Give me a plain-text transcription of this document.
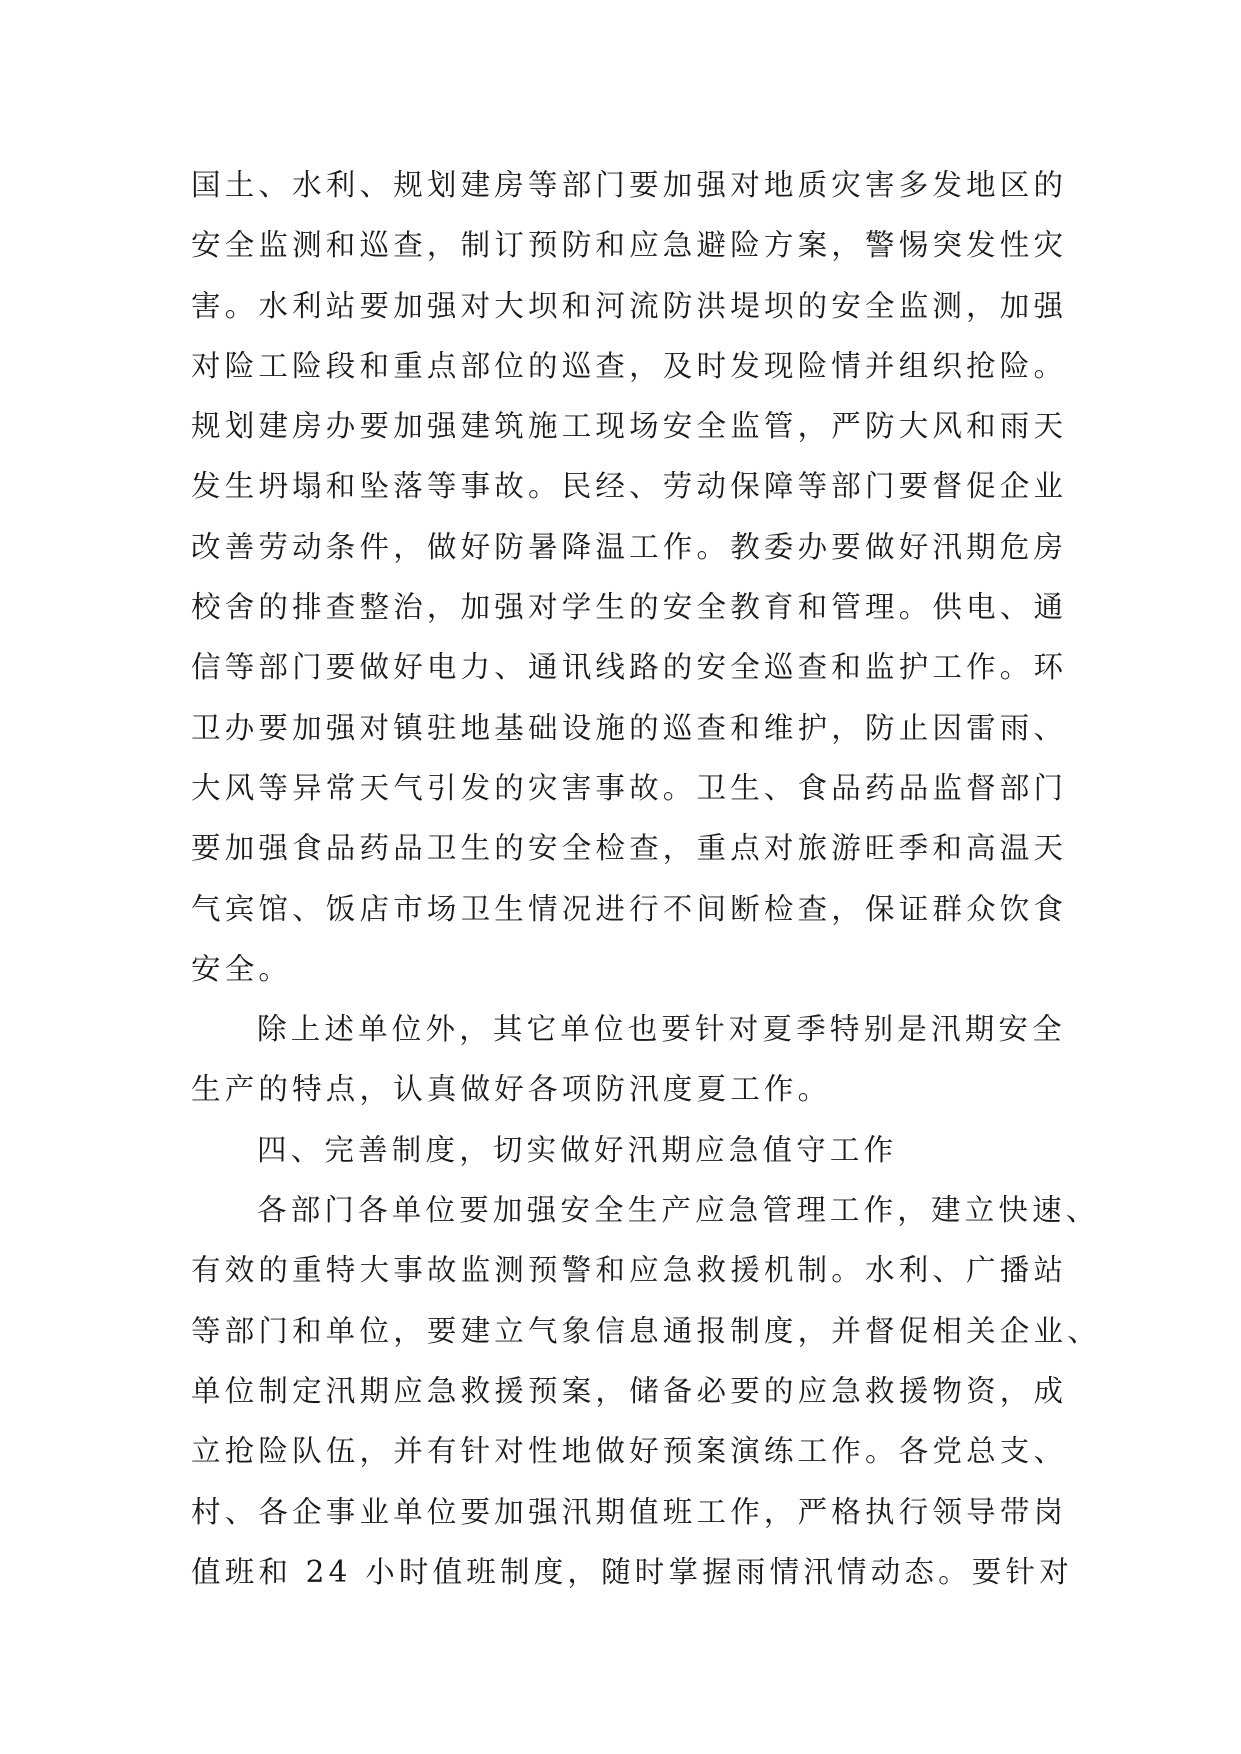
国土、水利、规划建房等部门要加强对地质灾害多发地区的
安全监测和巡查，制订预防和应急避险方案，警惕突发性灾
害。水利站要加强对大坝和河流防洪堤坝的安全监测，加强
对险工险段和重点部位的巡查，及时发现险情并组织抢险。
规划建房办要加强建筑施工现场安全监管，严防大风和雨天
发生坍塌和坠落等事故。民经、劳动保障等部门要督促企业
改善劳动条件，做好防暑降温工作。教委办要做好汛期危房
校舍的排查整治，加强对学生的安全教育和管理。供电、通
信等部门要做好电力、通讯线路的安全巡查和监护工作。环
卫办要加强对镇驻地基础设施的巡查和维护，防止因雷雨、
大风等异常天气引发的灾害事故。卫生、食品药品监督部门
要加强食品药品卫生的安全检查，重点对旅游旺季和高温天
气宾馆、饭店市场卫生情况进行不间断检查，保证群众饮食
安全。
除上述单位外，其它单位也要针对夏季特别是汛期安全
生产的特点，认真做好各项防汛度夏工作。
四、完善制度，切实做好汛期应急值守工作
各部门各单位要加强安全生产应急管理工作，建立快速、
有效的重特大事故监测预警和应急救援机制。水利、广播站
等部门和单位，要建立气象信息通报制度，并督促相关企业、
单位制定汛期应急救援预案，储备必要的应急救援物资，成
立抢险队伍，并有针对性地做好预案演练工作。各党总支、
村、各企事业单位要加强汛期值班工作，严格执行领导带岗
值班和 24 小时值班制度，随时掌握雨情汛情动态。要针对
